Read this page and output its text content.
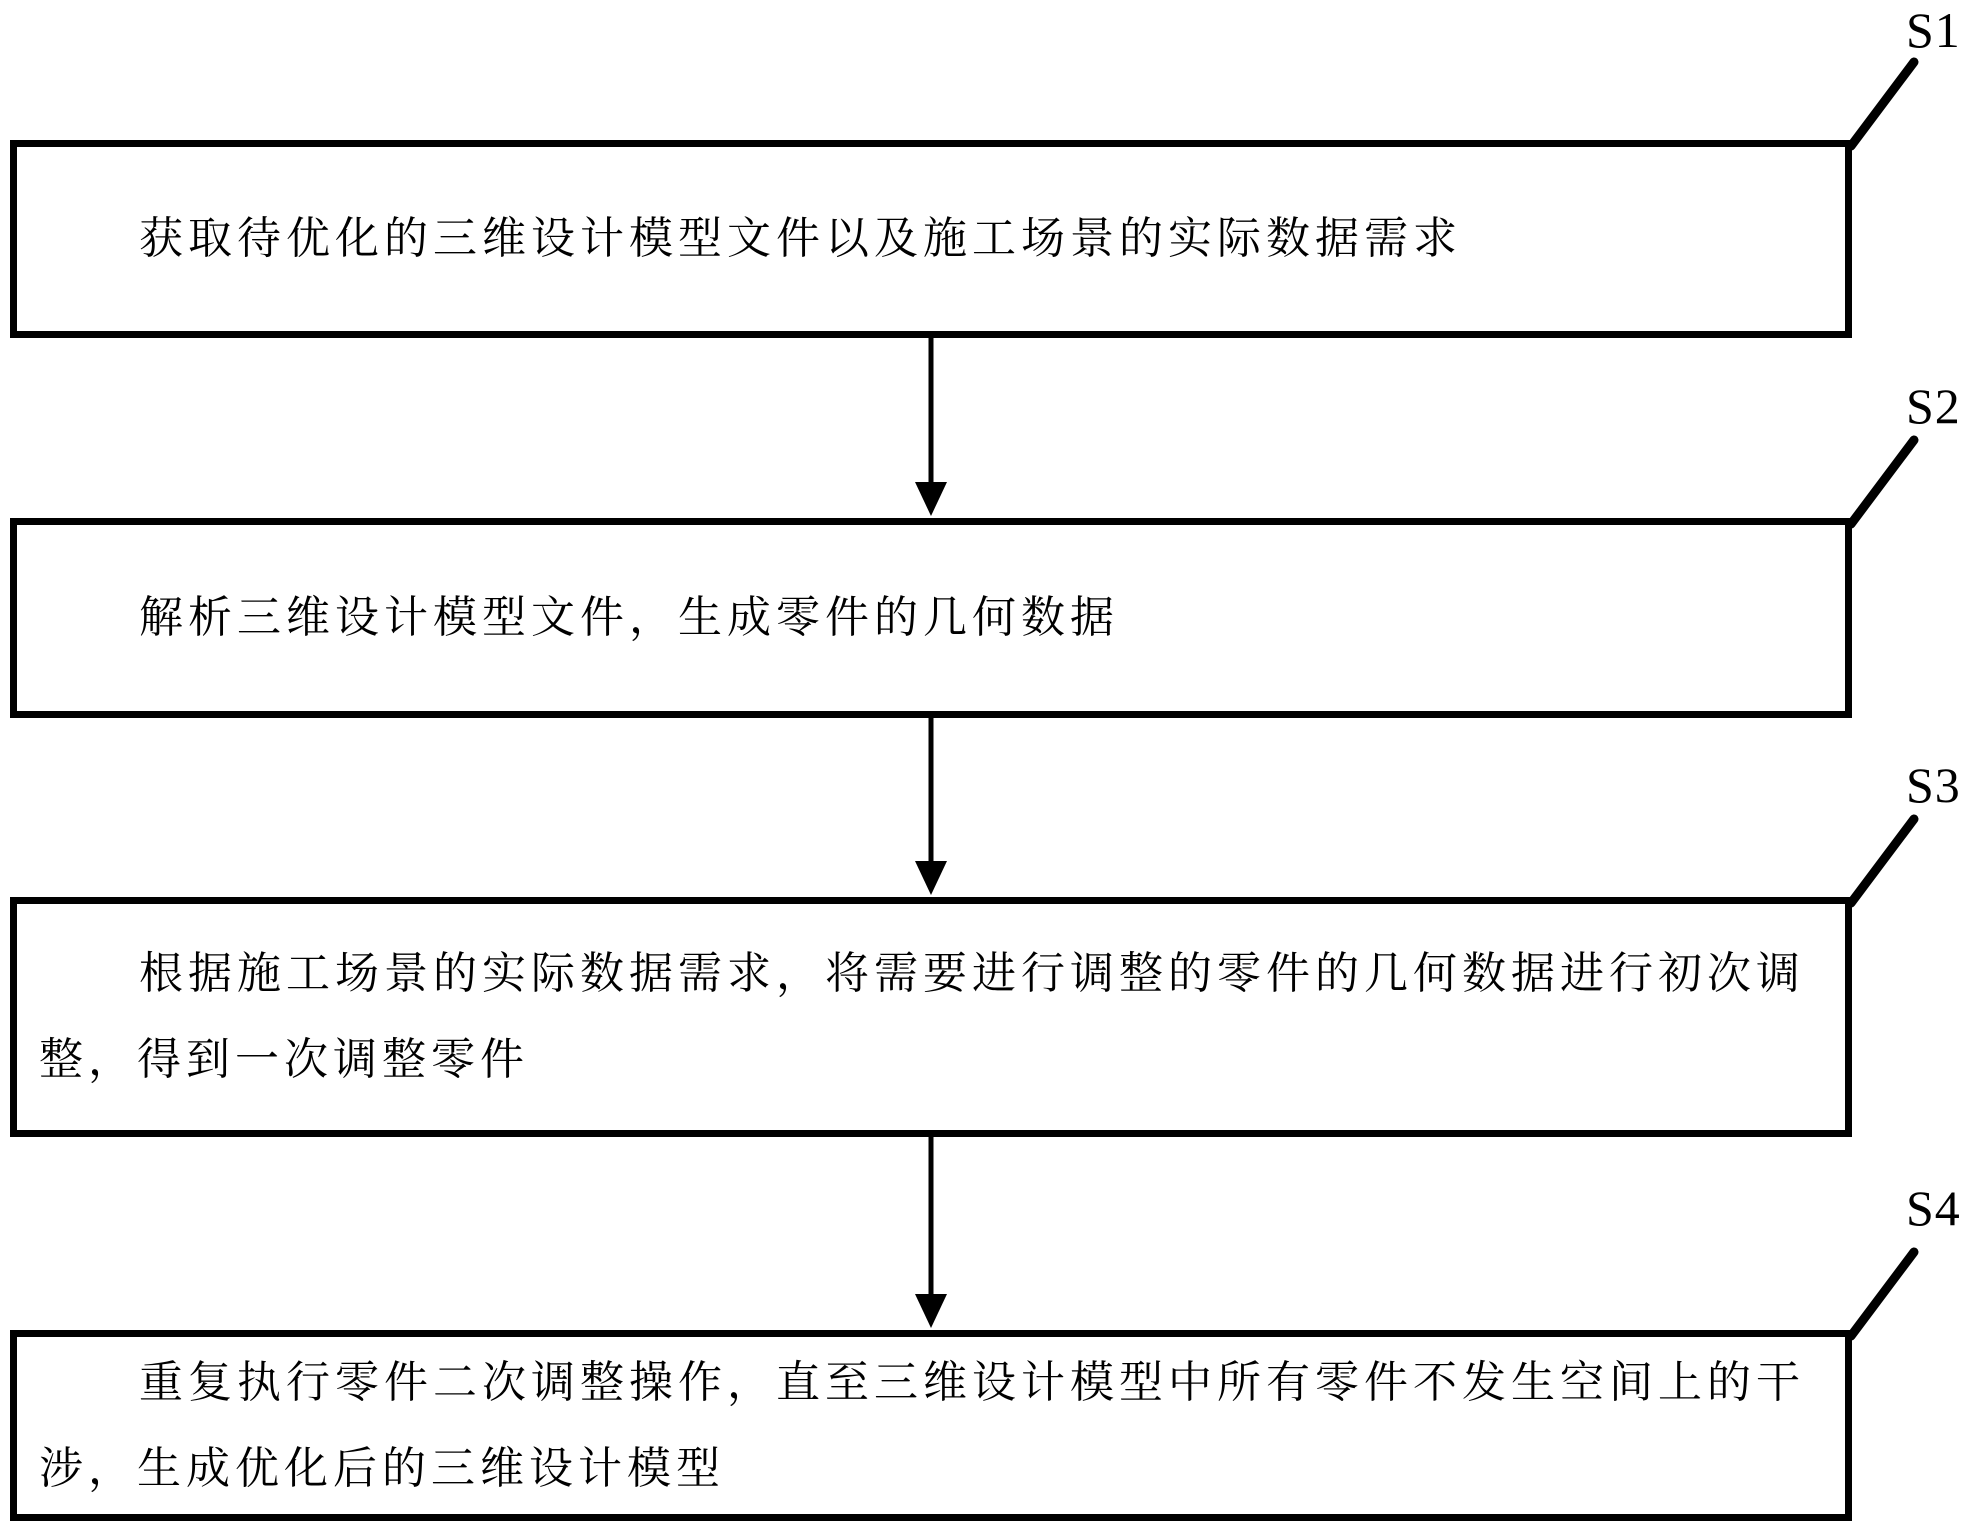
获取待优化的三维设计模型文件以及施工场景的实际数据需求

解析三维设计模型文件，生成零件的几何数据

根据施工场景的实际数据需求，将需要进行调整的零件的几何数据进行初次调整，得到一次调整零件

重复执行零件二次调整操作，直至三维设计模型中所有零件不发生空间上的干涉，生成优化后的三维设计模型

S1
S2
S3
S4
